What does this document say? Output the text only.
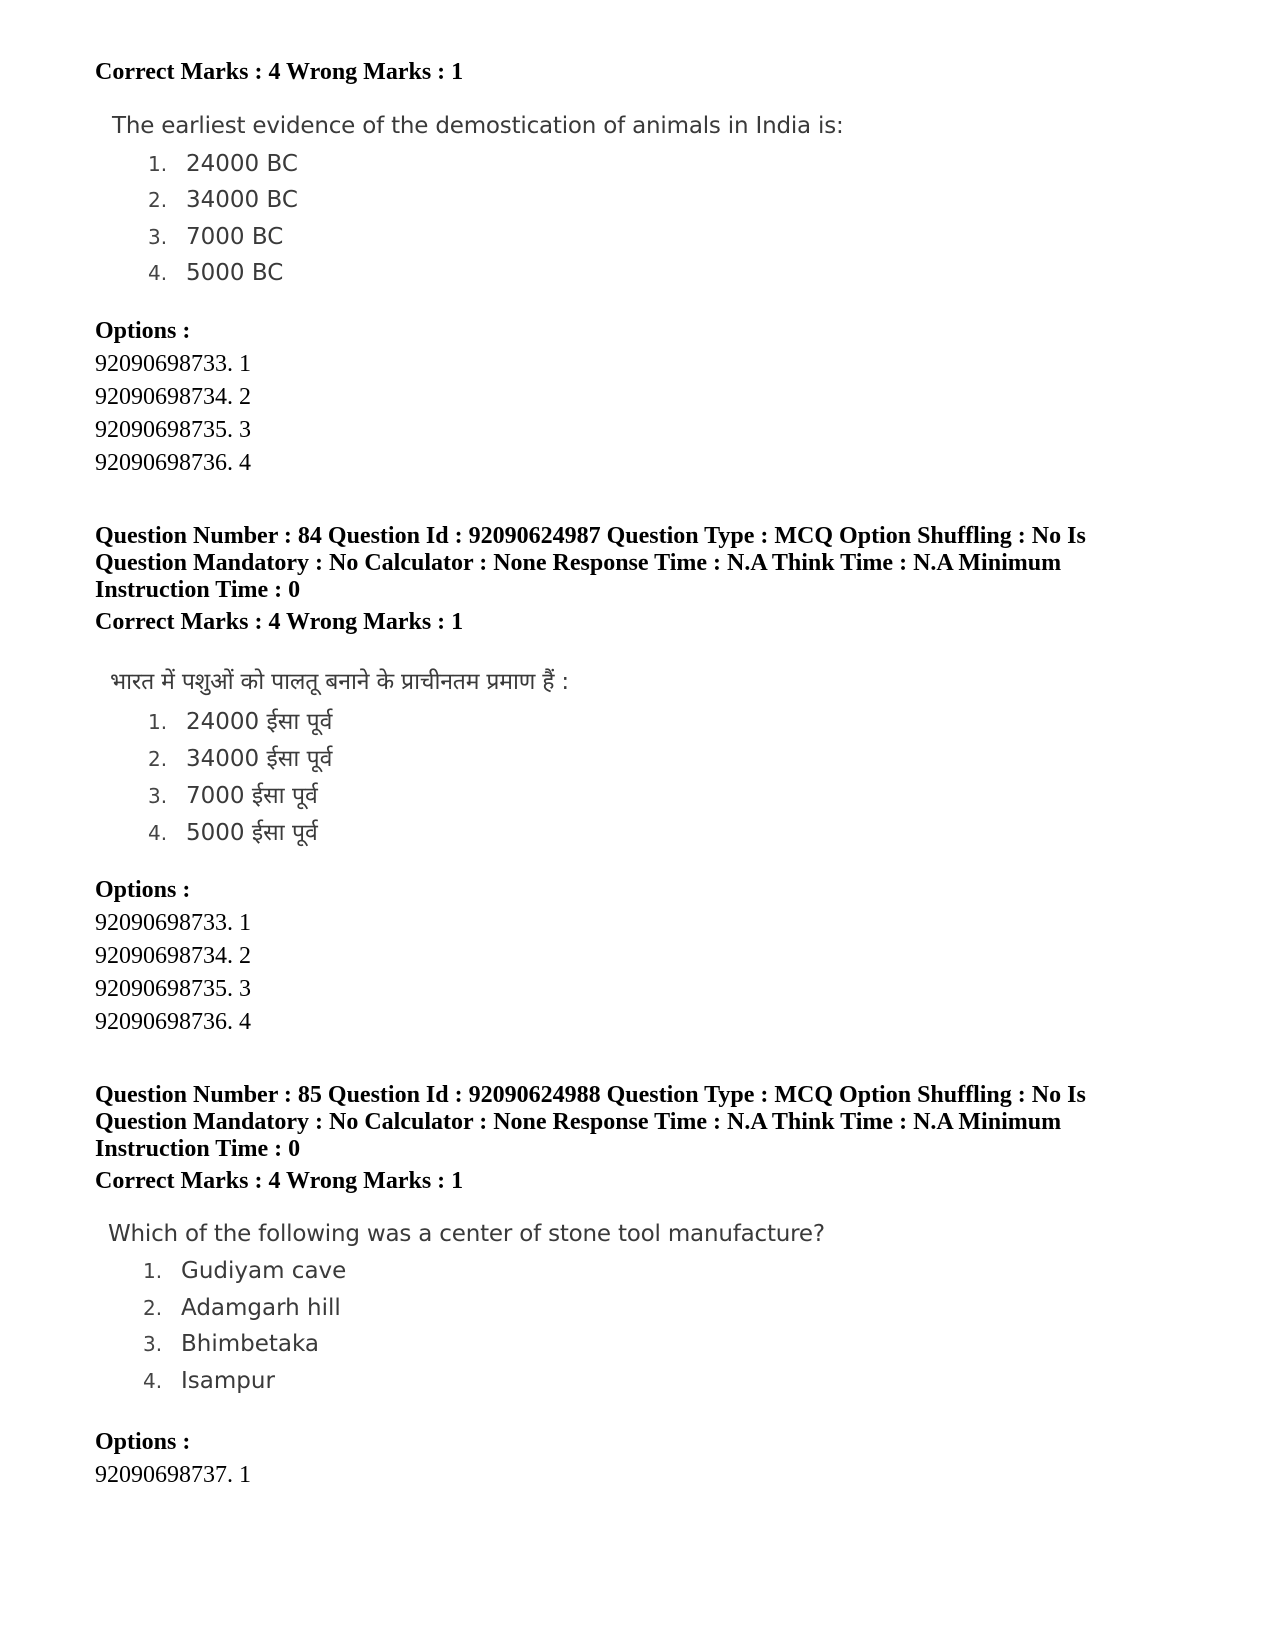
Correct Marks : 4 Wrong Marks : 1
The earliest evidence of the demostication of animals in India is:
1. 24000 BC
2. 34000 BC
3. 7000 BC
4. 5000 BC
Options :
92090698733. 1
92090698734. 2
92090698735. 3
92090698736. 4
Question Number : 84 Question Id : 92090624987 Question Type : MCQ Option Shuffling : No Is
Question Mandatory : No Calculator : None Response Time : N.A Think Time : N.A Minimum
Instruction Time : 0
Correct Marks : 4 Wrong Marks : 1
भारत में पशुओं को पालतू बनाने के प्राचीनतम प्रमाण हैं :
1. 24000 ईसा पूर्व
2. 34000 ईसा पूर्व
3. 7000 ईसा पूर्व
4. 5000 ईसा पूर्व
Options :
92090698733. 1
92090698734. 2
92090698735. 3
92090698736. 4
Question Number : 85 Question Id : 92090624988 Question Type : MCQ Option Shuffling : No Is
Question Mandatory : No Calculator : None Response Time : N.A Think Time : N.A Minimum
Instruction Time : 0
Correct Marks : 4 Wrong Marks : 1
Which of the following was a center of stone tool manufacture?
1. Gudiyam cave
2. Adamgarh hill
3. Bhimbetaka
4. Isampur
Options :
92090698737. 1
